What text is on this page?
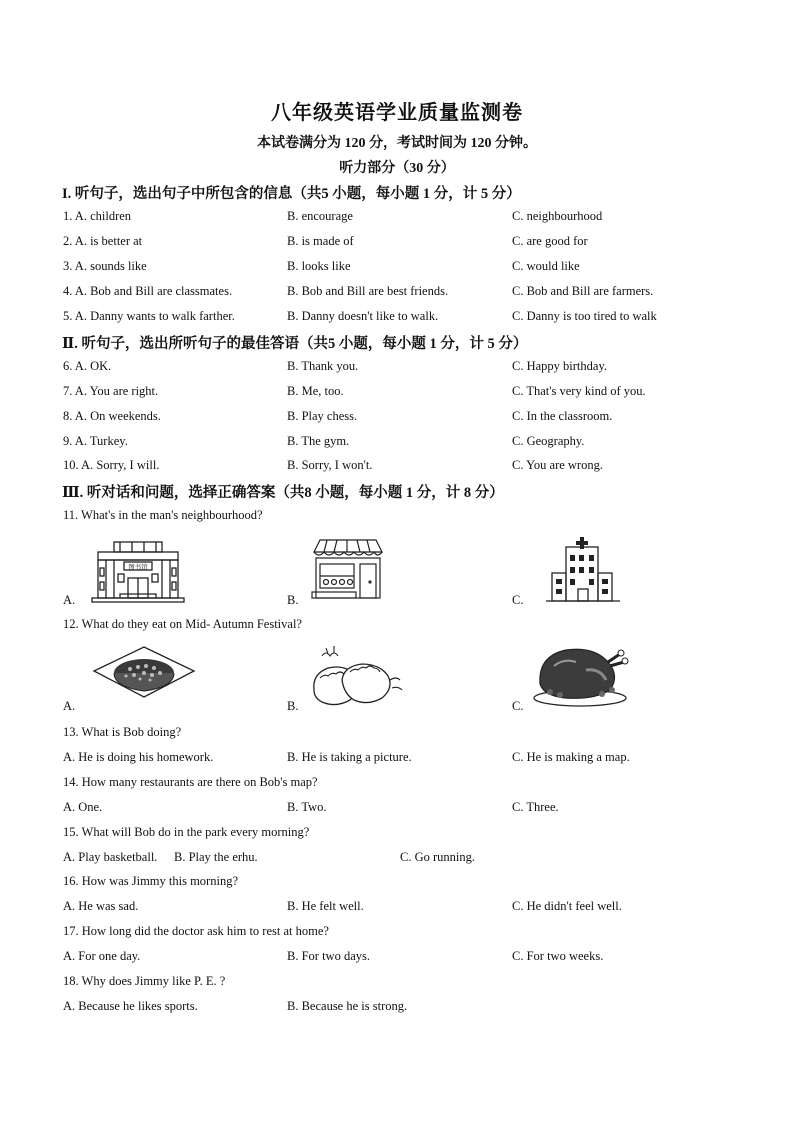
八年级英语学业质量监测卷
本试卷满分为 120 分，考试时间为 120 分钟。
听力部分（30 分）
I. 听句子，选出句子中所包含的信息（共5 小题，每小题 1 分，计 5 分）
1. A. children	B. encourage	C. neighbourhood
2. A. is better at	B. is made of	C. are good for
3. A. sounds like	B. looks like	C. would like
4. A. Bob and Bill are classmates.	B. Bob and Bill are best friends.	C. Bob and Bill are farmers.
5. A. Danny wants to walk farther.	B. Danny doesn't like to walk.	C. Danny is too tired to walk
Ⅱ. 听句子，选出所听句子的最佳答语（共5 小题，每小题 1 分，计 5 分）
6. A. OK.	B. Thank you.	C. Happy birthday.
7. A. You are right.	B. Me, too.	C. That's very kind of you.
8. A. On weekends.	B. Play chess.	C. In the classroom.
9. A. Turkey.	B. The gym.	C. Geography.
10. A. Sorry, I will.	B. Sorry, I won't.	C. You are wrong.
Ⅲ. 听对话和问题，选择正确答案（共8 小题，每小题 1 分，计 8 分）
11. What's in the man's neighbourhood?
A.
图书馆
B.	C.
12. What do they eat on Mid- Autumn Festival?
A.	B.	C.
13. What is Bob doing?
A. He is doing his homework.	B. He is taking a picture.	C. He is making a map.
14. How many restaurants are there on Bob's map?
A. One.	B. Two.	C. Three.
15. What will Bob do in the park every morning?
A. Play basketball. B. Play the erhu.	C. Go running.
16. How was Jimmy this morning?
A. He was sad.	B. He felt well.	C. He didn't feel well.
17. How long did the doctor ask him to rest at home?
A. For one day.	B. For two days.	C. For two weeks.
18. Why does Jimmy like P. E. ?
A. Because he likes sports.	B. Because he is strong.
